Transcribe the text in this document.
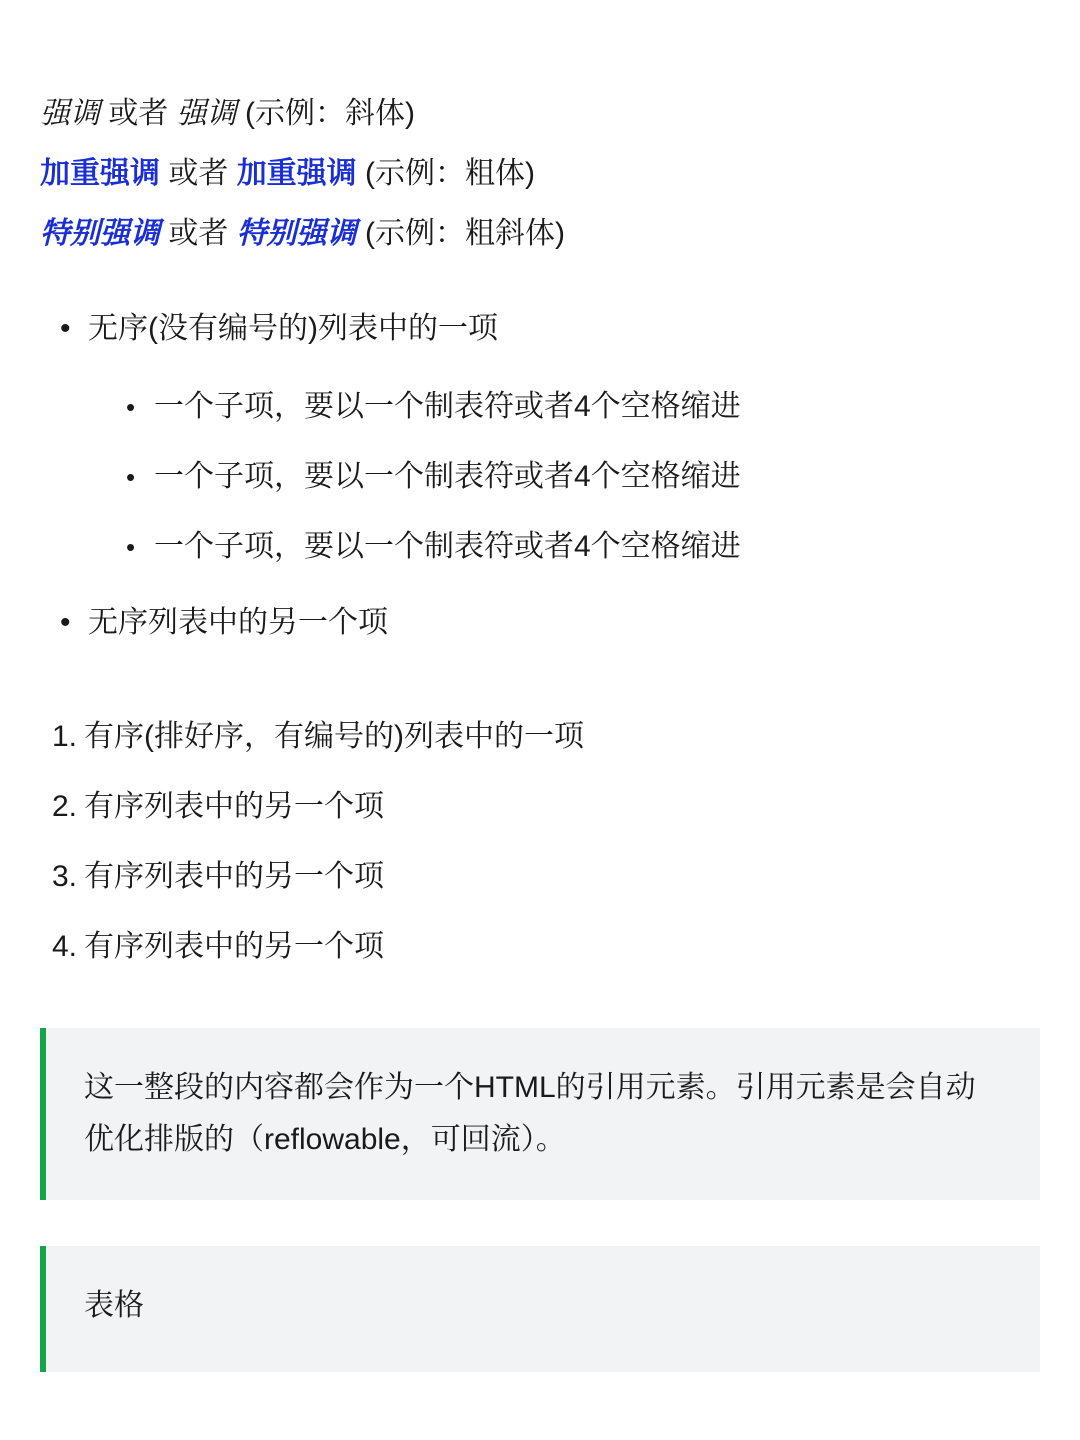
强调 或者 强调 (示例：斜体)
加重强调 或者 加重强调 (示例：粗体)
特别强调 或者 特别强调 (示例：粗斜体)
• 无序(没有编号的)列表中的一项
• 一个子项，要以一个制表符或者4个空格缩进
• 一个子项，要以一个制表符或者4个空格缩进
• 一个子项，要以一个制表符或者4个空格缩进
• 无序列表中的另一个项
1. 有序(排好序，有编号的)列表中的一项
2. 有序列表中的另一个项
3. 有序列表中的另一个项
4. 有序列表中的另一个项

这一整段的内容都会作为一个HTML的引用元素。引用元素是会自动优化排版的（reflowable，可回流）。

表格
